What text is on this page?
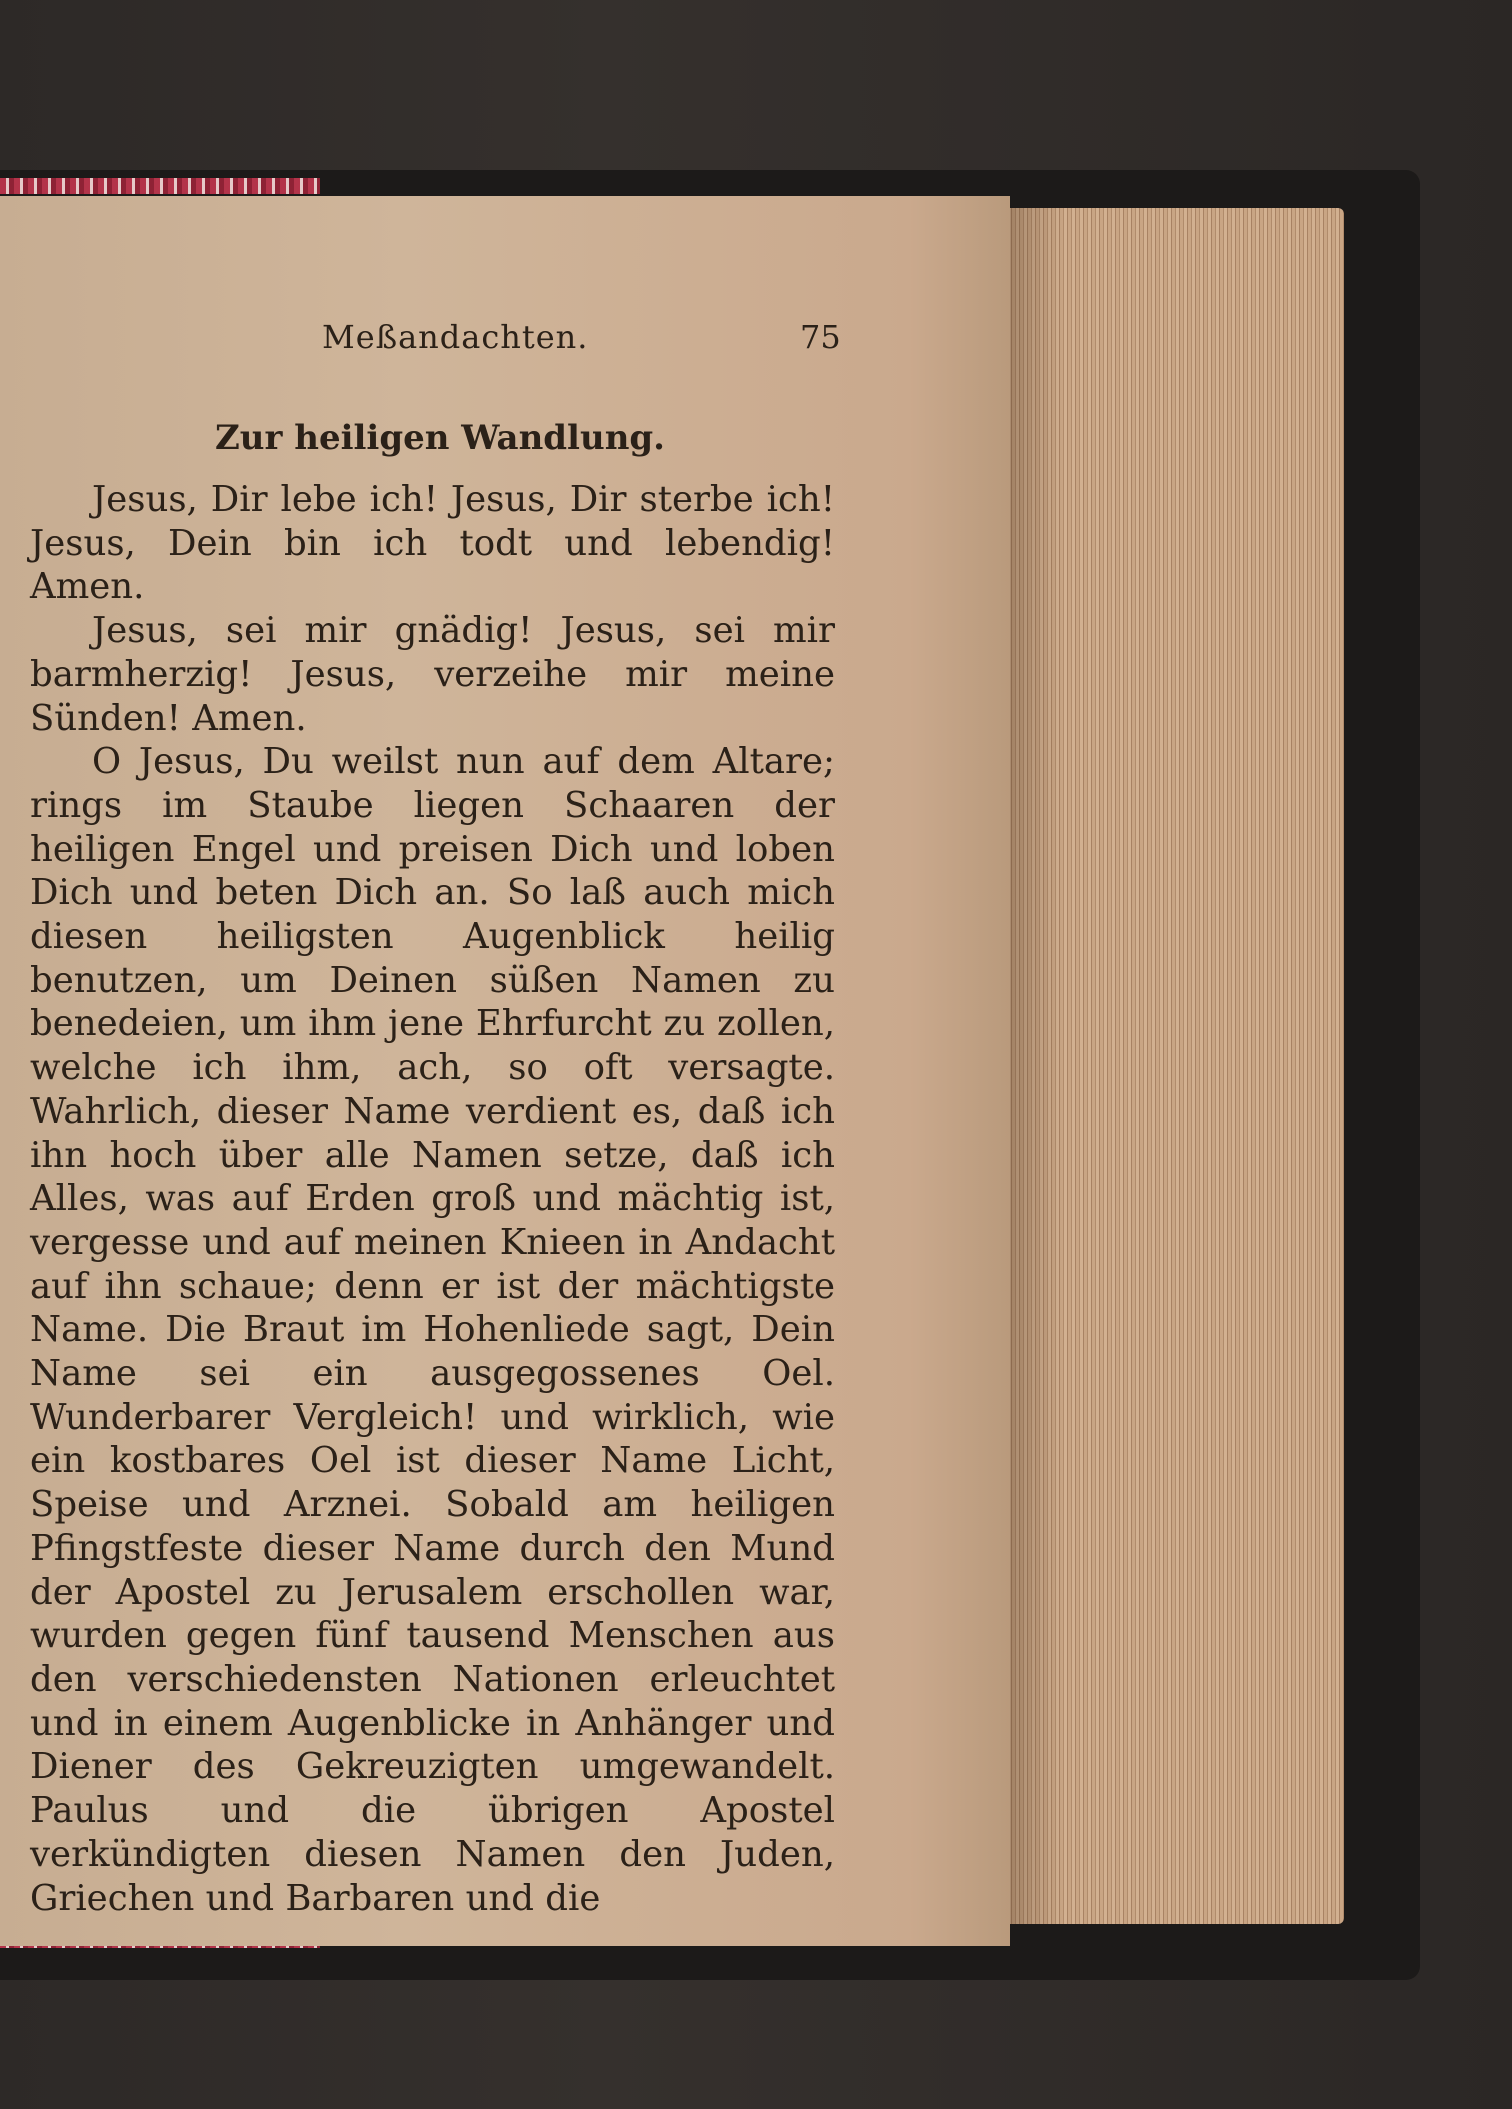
Meßandachten.	75
Zur heiligen Wandlung.

Jesus, Dir lebe ich! Jesus, Dir sterbe ich! Jesus, Dein bin ich todt und lebendig! Amen.

Jesus, sei mir gnädig! Jesus, sei mir barmherzig! Jesus, verzeihe mir meine Sünden! Amen.

O Jesus, Du weilst nun auf dem Altare; rings im Staube liegen Schaaren der heiligen Engel und preisen Dich und loben Dich und beten Dich an. So laß auch mich diesen heiligsten Augenblick heilig benutzen, um Deinen süßen Namen zu benedeien, um ihm jene Ehrfurcht zu zollen, welche ich ihm, ach, so oft versagte. Wahrlich, dieser Name verdient es, daß ich ihn hoch über alle Namen setze, daß ich Alles, was auf Erden groß und mächtig ist, vergesse und auf meinen Knieen in Andacht auf ihn schaue; denn er ist der mächtigste Name. Die Braut im Hohenliede sagt, Dein Name sei ein ausgegossenes Oel. Wunderbarer Vergleich! und wirklich, wie ein kostbares Oel ist dieser Name Licht, Speise und Arznei. Sobald am heiligen Pfingstfeste dieser Name durch den Mund der Apostel zu Jerusalem erschollen war, wurden gegen fünf tausend Menschen aus den verschiedensten Nationen erleuchtet und in einem Augenblicke in Anhänger und Diener des Gekreuzigten umgewandelt. Paulus und die übrigen Apostel verkündigten diesen Namen den Juden, Griechen und Barbaren und die
